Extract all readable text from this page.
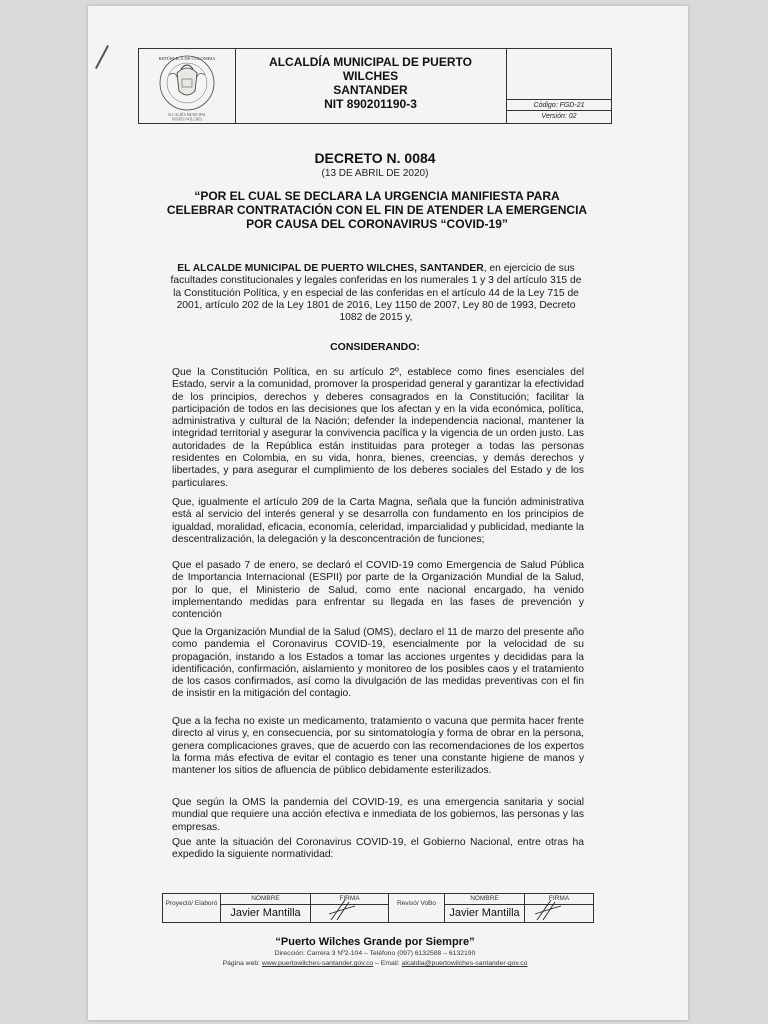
REPÚBLICA DE COLOMBIA
ALCALDÍA MUNICIPAL
PUERTO WILCHES
ALCALDÍA MUNICIPAL DE PUERTO
WILCHES
SANTANDER
NIT 890201190-3	Código: FGD-21
Versión: 02
DECRETO N. 0084
(13 DE ABRIL DE 2020)
“POR EL CUAL SE DECLARA LA URGENCIA MANIFIESTA PARA CELEBRAR CONTRATACIÓN CON EL FIN DE ATENDER LA EMERGENCIA POR CAUSA DEL CORONAVIRUS “COVID-19”
EL ALCALDE MUNICIPAL DE PUERTO WILCHES, SANTANDER, en ejercicio de sus facultades constitucionales y legales conferidas en los numerales 1 y 3 del artículo 315 de la Constitución Política, y en especial de las conferidas en el artículo 44 de la Ley 715 de 2001, artículo 202 de la Ley 1801 de 2016, Ley 1150 de 2007, Ley 80 de 1993, Decreto 1082 de 2015 y,
CONSIDERANDO:
Que la Constitución Política, en su artículo 2º, establece como fines esenciales del Estado, servir a la comunidad, promover la prosperidad general y garantizar la efectividad de los principios, derechos y deberes consagrados en la Constitución; facilitar la participación de todos en las decisiones que los afectan y en la vida económica, política, administrativa y cultural de la Nación; defender la independencia nacional, mantener la integridad territorial y asegurar la convivencia pacífica y la vigencia de un orden justo. Las autoridades de la República están instituidas para proteger a todas las personas residentes en Colombia, en su vida, honra, bienes, creencias, y demás derechos y libertades, y para asegurar el cumplimiento de los deberes sociales del Estado y de los particulares.
Que, igualmente el artículo 209 de la Carta Magna, señala que la función administrativa está al servicio del interés general y se desarrolla con fundamento en los principios de igualdad, moralidad, eficacia, economía, celeridad, imparcialidad y publicidad, mediante la descentralización, la delegación y la desconcentración de funciones;
Que el pasado 7 de enero, se declaró el COVID-19 como Emergencia de Salud Pública de Importancia Internacional (ESPII) por parte de la Organización Mundial de la Salud, por lo que, el Ministerio de Salud, como ente nacional encargado, ha venido implementando medidas para enfrentar su llegada en las fases de prevención y contención
Que la Organización Mundial de la Salud (OMS), declaro el 11 de marzo del presente año como pandemia el Coronavirus COVID-19, esencialmente por la velocidad de su propagación, instando a los Estados a tomar las acciones urgentes y decididas para la identificación, confirmación, aislamiento y monitoreo de los posibles caos y el tratamiento de los casos confirmados, así como la divulgación de las medidas preventivas con el fin de insistir en la mitigación del contagio.
Que a la fecha no existe un medicamento, tratamiento o vacuna que permita hacer frente directo al virus y, en consecuencia, por su sintomatología y forma de obrar en la persona, genera complicaciones graves, que de acuerdo con las recomendaciones de los expertos la forma más efectiva de evitar el contagio es tener una constante higiene de manos y mantener los sitios de afluencia de público debidamente esterilizados.
Que según la OMS la pandemia del COVID-19, es una emergencia sanitaria y social mundial que requiere una acción efectiva e inmediata de los gobiernos, las personas y las empresas.
Que ante la situación del Coronavirus COVID-19, el Gobierno Nacional, entre otras ha expedido la siguiente normatividad:
Proyectó/ Elaboró
NOMBRE
Javier Mantilla
FIRMA
Revisó/ VoBo
NOMBRE
Javier Mantilla
FIRMA
“Puerto Wilches Grande por Siempre”
Dirección: Carrera 3 Nº2-104 – Teléfono (097) 6132588 – 6132190
Página web: www.puertowilches-santander.gov.co – Email: alcaldia@puertowilches-santander-gov.co
